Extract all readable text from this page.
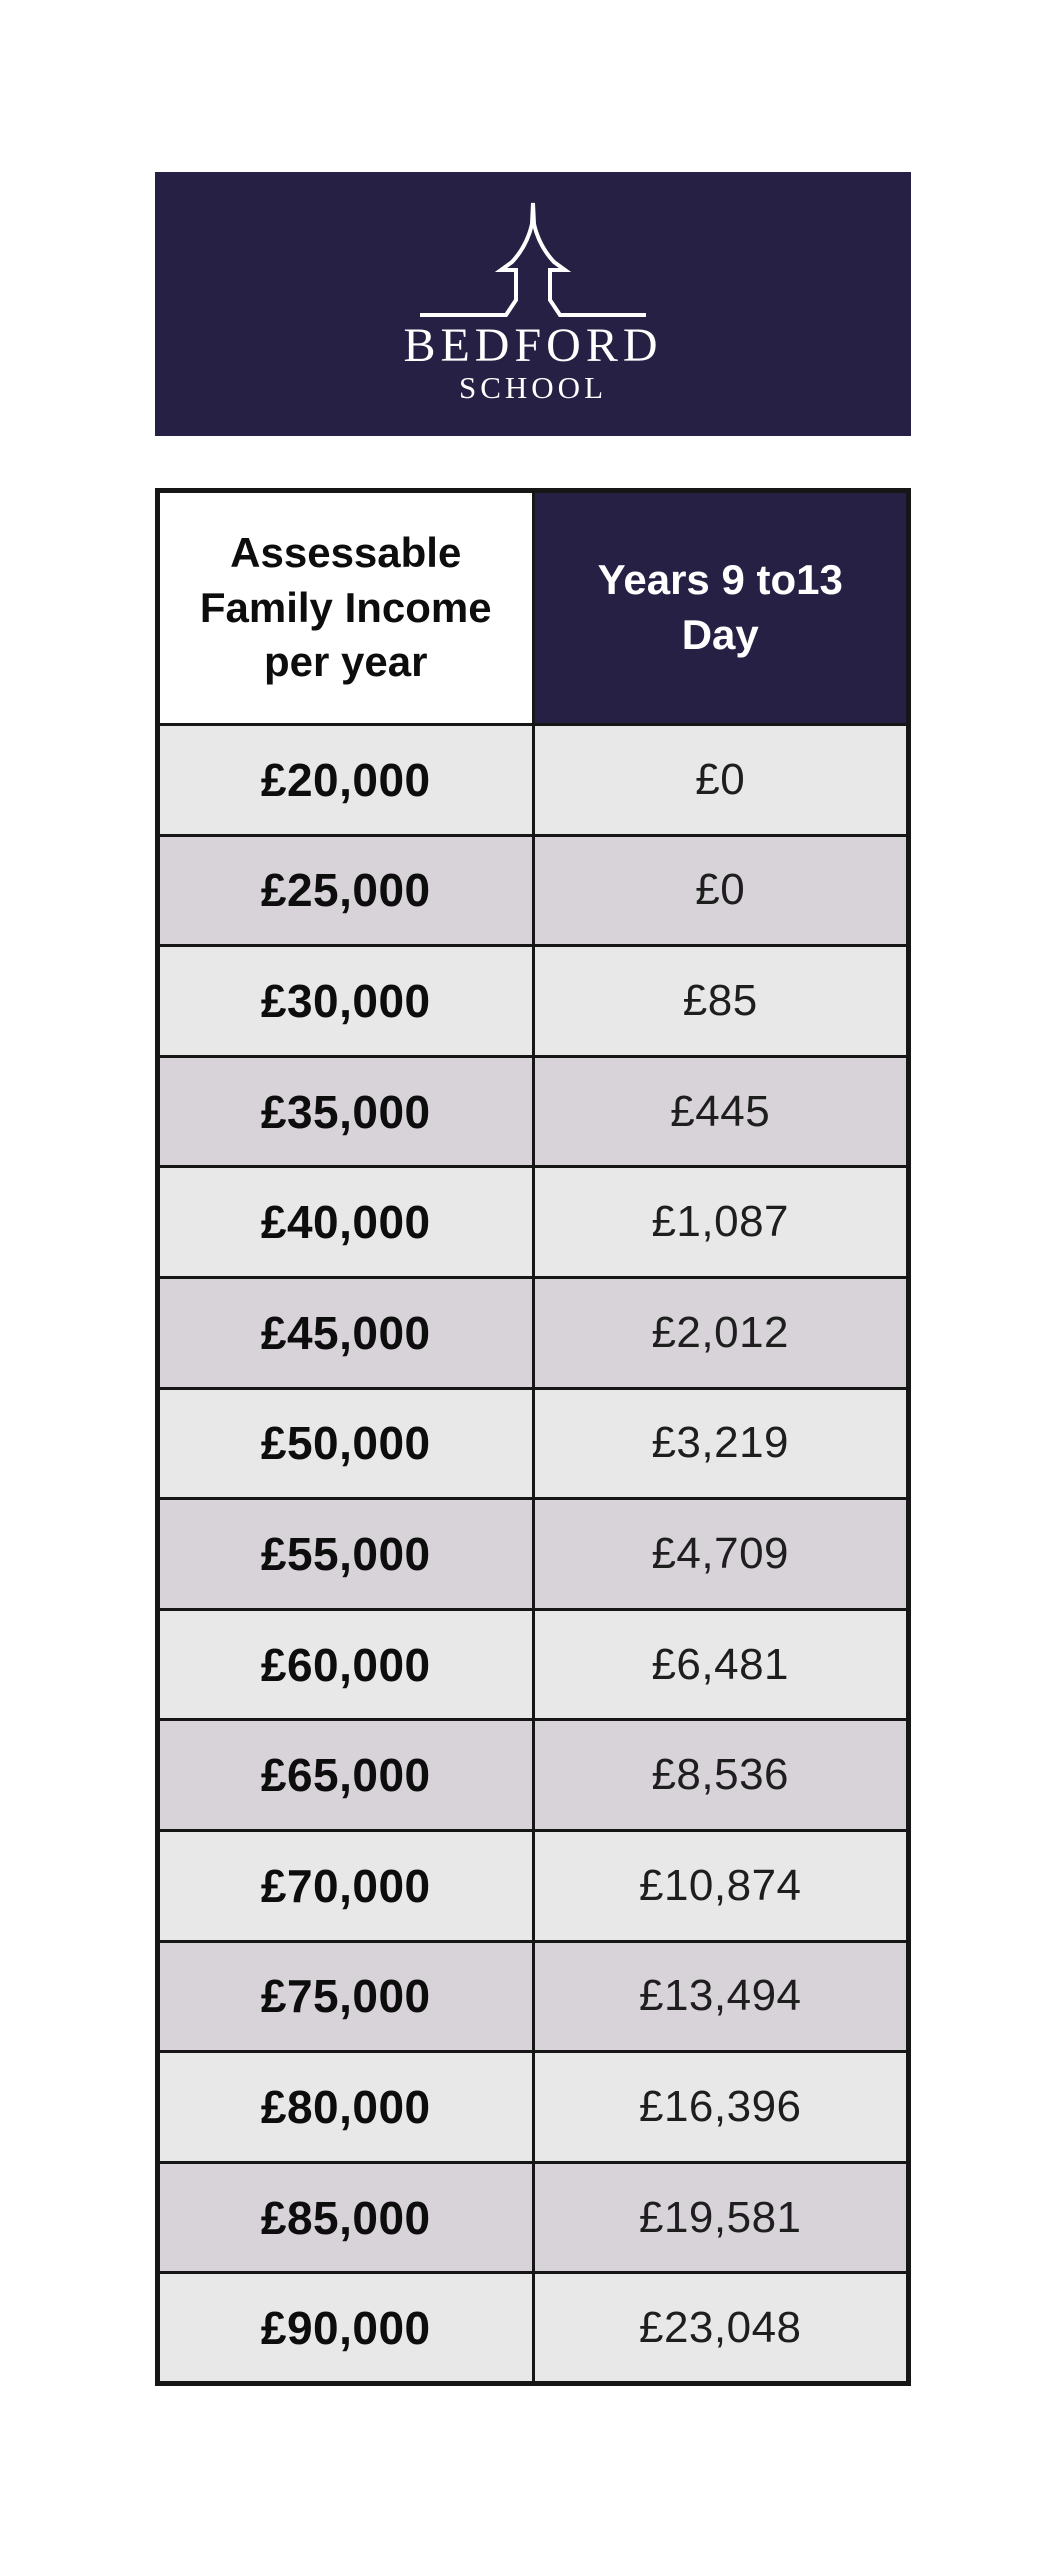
BEDFORD
SCHOOL
Assessable
Family Income
per year	Years 9 to13
Day

£20,000	£0
£25,000	£0
£30,000	£85
£35,000	£445
£40,000	£1,087
£45,000	£2,012
£50,000	£3,219
£55,000	£4,709
£60,000	£6,481
£65,000	£8,536
£70,000	£10,874
£75,000	£13,494
£80,000	£16,396
£85,000	£19,581
£90,000	£23,048
